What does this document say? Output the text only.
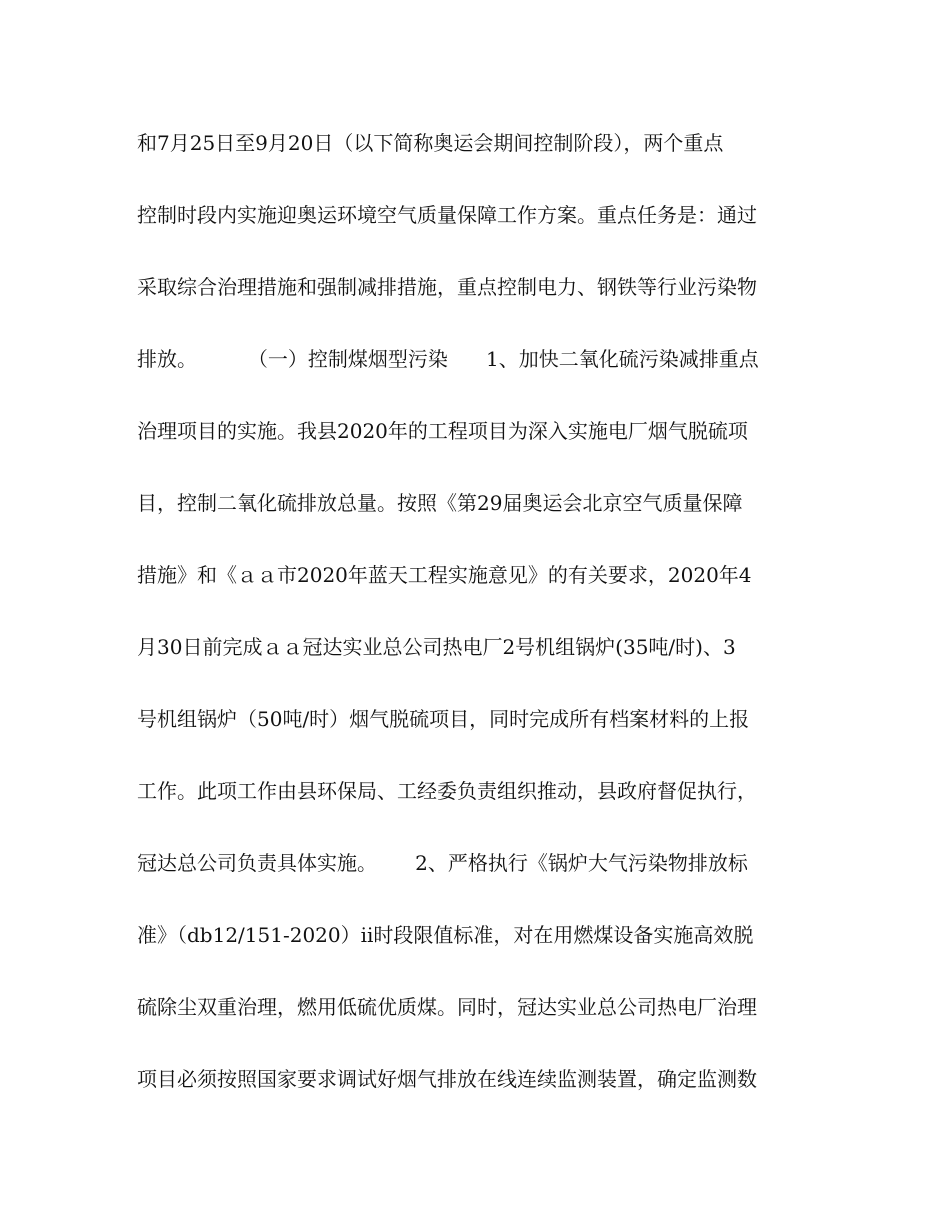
和7月25日至9月20日（以下简称奥运会期间控制阶段），两个重点
控制时段内实施迎奥运环境空气质量保障工作方案。重点任务是：通过
采取综合治理措施和强制减排措施，重点控制电力、钢铁等行业污染物
排放。        （一）控制煤烟型污染      1、加快二氧化硫污染减排重点
治理项目的实施。我县2020年的工程项目为深入实施电厂烟气脱硫项
目，控制二氧化硫排放总量。按照《第29届奥运会北京空气质量保障
措施》和《ａａ市2020年蓝天工程实施意见》的有关要求，2020年4
月30日前完成ａａ冠达实业总公司热电厂2号机组锅炉(35吨/时)、3
号机组锅炉（50吨/时）烟气脱硫项目，同时完成所有档案材料的上报
工作。此项工作由县环保局、工经委负责组织推动，县政府督促执行，
冠达总公司负责具体实施。      2、严格执行《锅炉大气污染物排放标
准》（db12/151-2020）ii时段限值标准，对在用燃煤设备实施高效脱
硫除尘双重治理，燃用低硫优质煤。同时，冠达实业总公司热电厂治理
项目必须按照国家要求调试好烟气排放在线连续监测装置，确定监测数
